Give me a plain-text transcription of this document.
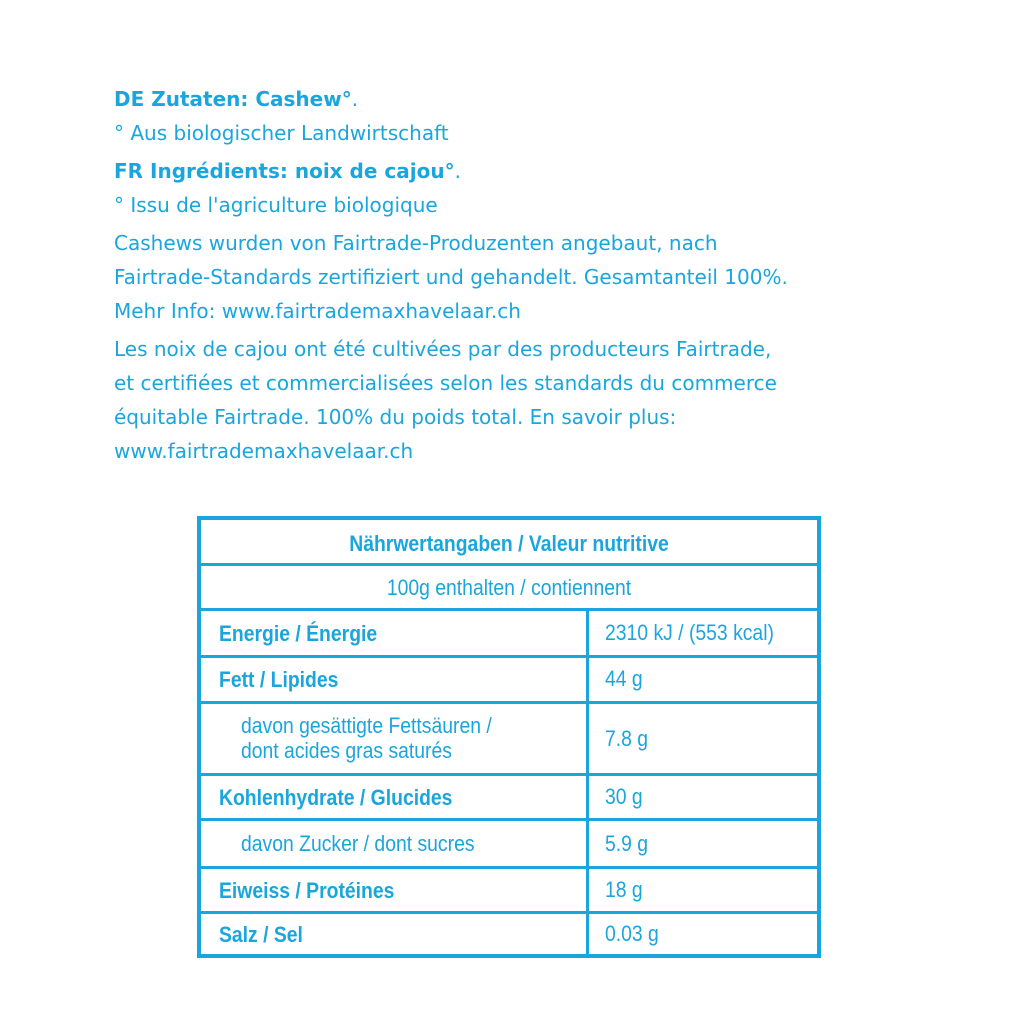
DE Zutaten: Cashew°.
° Aus biologischer Landwirtschaft
FR Ingrédients: noix de cajou°.
° Issu de l'agriculture biologique
Cashews wurden von Fairtrade-Produzenten angebaut, nach
Fairtrade-Standards zertifiziert und gehandelt. Gesamtanteil 100%.
Mehr Info: www.fairtrademaxhavelaar.ch
Les noix de cajou ont été cultivées par des producteurs Fairtrade,
et certifiées et commercialisées selon les standards du commerce
équitable Fairtrade. 100% du poids total. En savoir plus:
www.fairtrademaxhavelaar.ch
Nährwertangaben / Valeur nutritive
100g enthalten / contiennent
Energie / Énergie	2310 kJ / (553 kcal)
Fett / Lipides	44 g
davon gesättigte Fettsäuren /
dont acides gras saturés	7.8 g
Kohlenhydrate / Glucides	30 g
davon Zucker / dont sucres	5.9 g
Eiweiss / Protéines	18 g
Salz / Sel	0.03 g
